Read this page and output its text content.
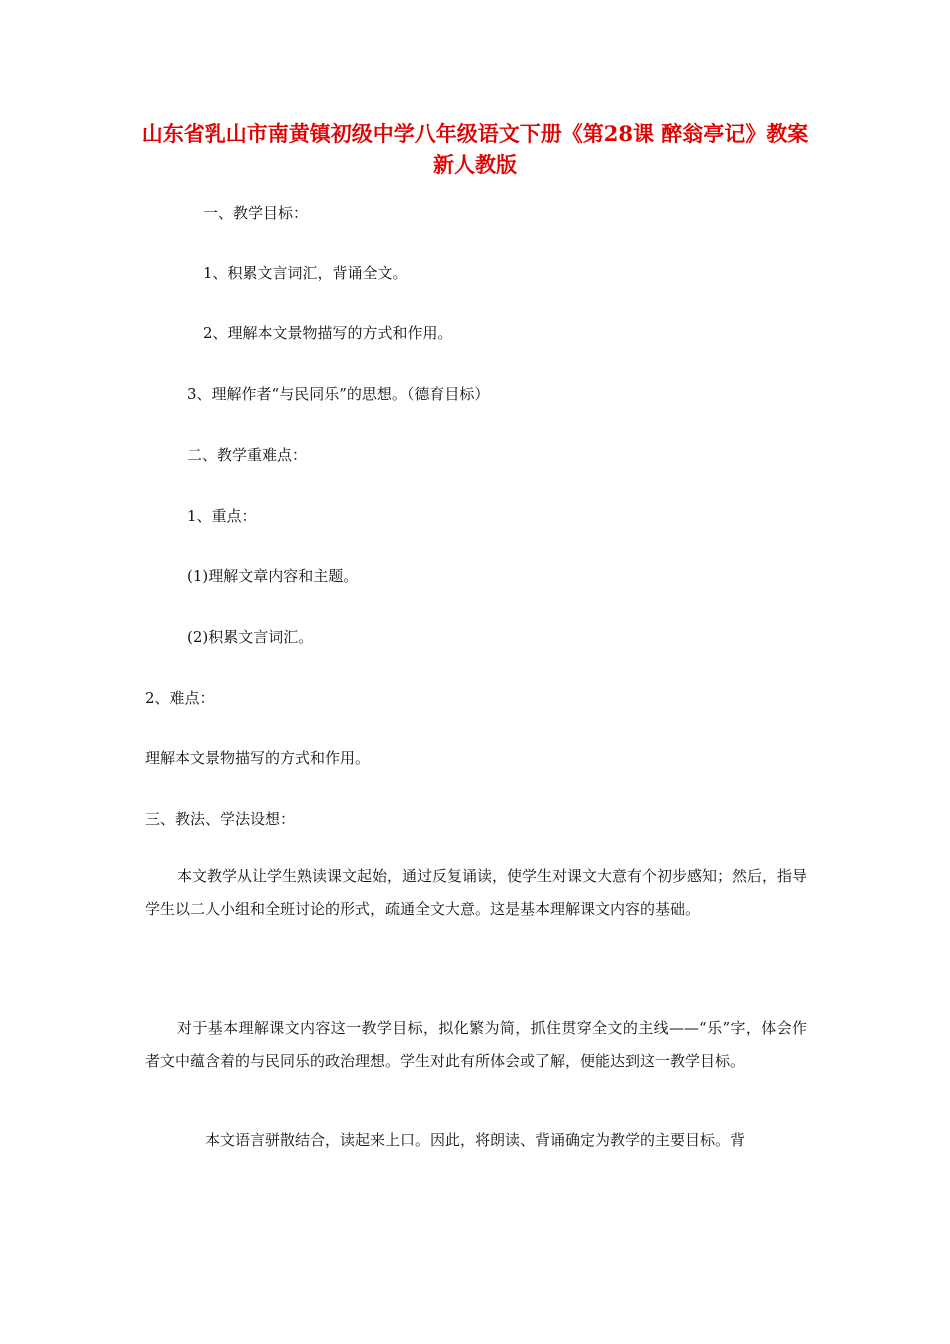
山东省乳山市南黄镇初级中学八年级语文下册《第28课 醉翁亭记》教案 新人教版
一、教学目标：
1、积累文言词汇，背诵全文。
2、理解本文景物描写的方式和作用。
3、理解作者“与民同乐”的思想。（德育目标）
二、教学重难点：
1、重点：
(1)理解文章内容和主题。
(2)积累文言词汇。
2、难点：
理解本文景物描写的方式和作用。
三、教法、学法设想：
本文教学从让学生熟读课文起始，通过反复诵读，使学生对课文大意有个初步感知；然后，指导学生以二人小组和全班讨论的形式，疏通全文大意。这是基本理解课文内容的基础。
对于基本理解课文内容这一教学目标，拟化繁为简，抓住贯穿全文的主线——“乐”字，体会作者文中蕴含着的与民同乐的政治理想。学生对此有所体会或了解，便能达到这一教学目标。
本文语言骈散结合，读起来上口。因此，将朗读、背诵确定为教学的主要目标。背
